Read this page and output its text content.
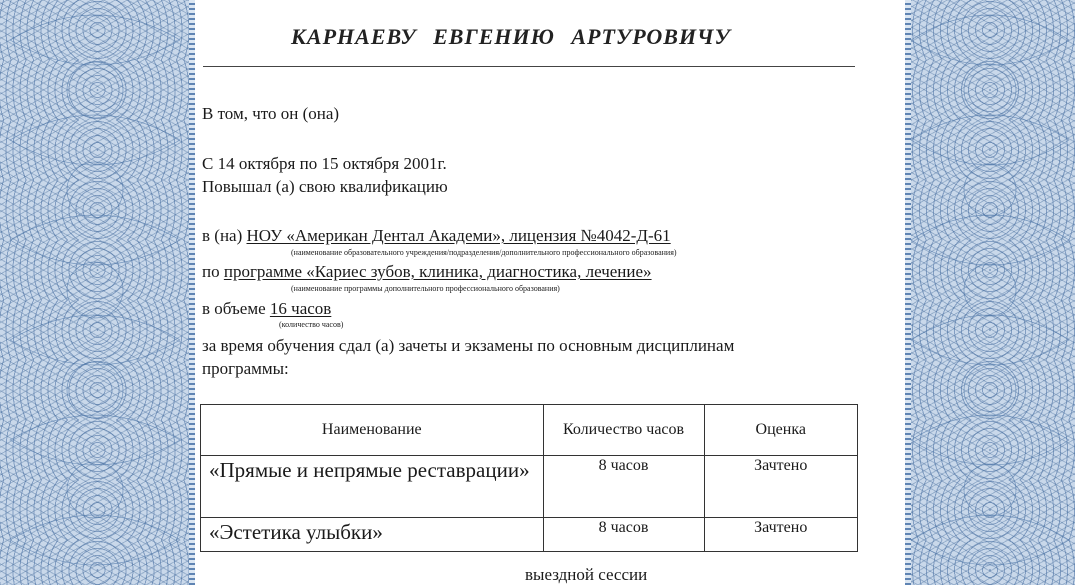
КАРНАЕВУ ЕВГЕНИЮ АРТУРОВИЧУ
В том, что он (она)
С 14 октября по 15 октября 2001г.
Повышал (а) свою квалификацию
в (на) НОУ «Американ Дентал Академи», лицензия №4042-Д-61
(наименование образовательного учреждения/подразделения/дополнительного профессионального образования)
по программе «Кариес зубов, клиника, диагностика, лечение»
(наименование программы дополнительного профессионального образования)
в объеме 16 часов
(количество часов)
за время обучения сдал (а) зачеты и экзамены по основным дисциплинам
программы:
Наименование	Количество часов	Оценка
«Прямые и непрямые реставрации»	8 часов	Зачтено
«Эстетика улыбки»	8 часов	Зачтено
выездной сессии
